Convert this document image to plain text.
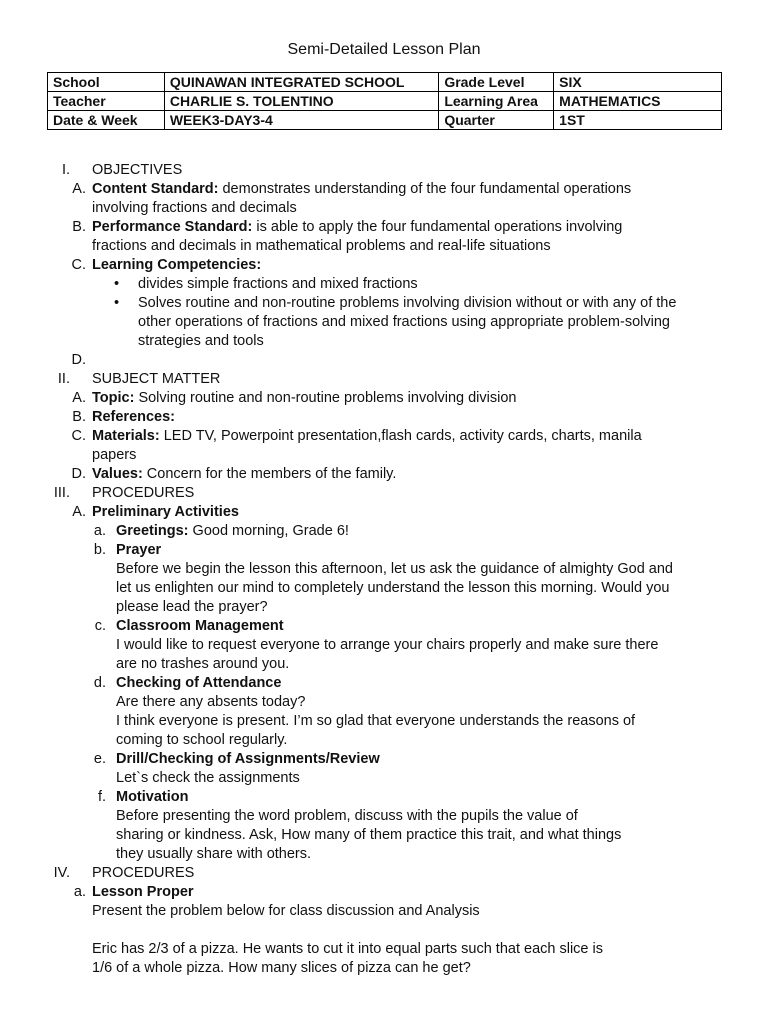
Semi-Detailed Lesson Plan
School	QUINAWAN INTEGRATED SCHOOL	Grade Level	SIX
Teacher	CHARLIE S. TOLENTINO	Learning Area	MATHEMATICS
Date & Week	WEEK3-DAY3-4	Quarter	1ST
I. OBJECTIVES
A. Content Standard: demonstrates understanding of the four fundamental operations
involving fractions and decimals
B. Performance Standard: is able to apply the four fundamental operations involving
fractions and decimals in mathematical problems and real-life situations
C. Learning Competencies:
• divides simple fractions and mixed fractions
• Solves routine and non-routine problems involving division without or with any of the
other operations of fractions and mixed fractions using appropriate problem-solving
strategies and tools
D.
II. SUBJECT MATTER
A. Topic: Solving routine and non-routine problems involving division
B. References:
C. Materials: LED TV, Powerpoint presentation,flash cards, activity cards, charts, manila
papers
D. Values: Concern for the members of the family.
III. PROCEDURES
A. Preliminary Activities
a. Greetings: Good morning, Grade 6!
b. Prayer
Before we begin the lesson this afternoon, let us ask the guidance of almighty God and
let us enlighten our mind to completely understand the lesson this morning. Would you
please lead the prayer?
c. Classroom Management
I would like to request everyone to arrange your chairs properly and make sure there
are no trashes around you.
d. Checking of Attendance
Are there any absents today?
I think everyone is present. I’m so glad that everyone understands the reasons of
coming to school regularly.
e. Drill/Checking of Assignments/Review
Let`s check the assignments
f. Motivation
Before presenting the word problem, discuss with the pupils the value of
sharing or kindness. Ask, How many of them practice this trait, and what things
they usually share with others.
IV. PROCEDURES
a. Lesson Proper
Present the problem below for class discussion and Analysis
Eric has 2/3 of a pizza. He wants to cut it into equal parts such that each slice is
1/6 of a whole pizza. How many slices of pizza can he get?
